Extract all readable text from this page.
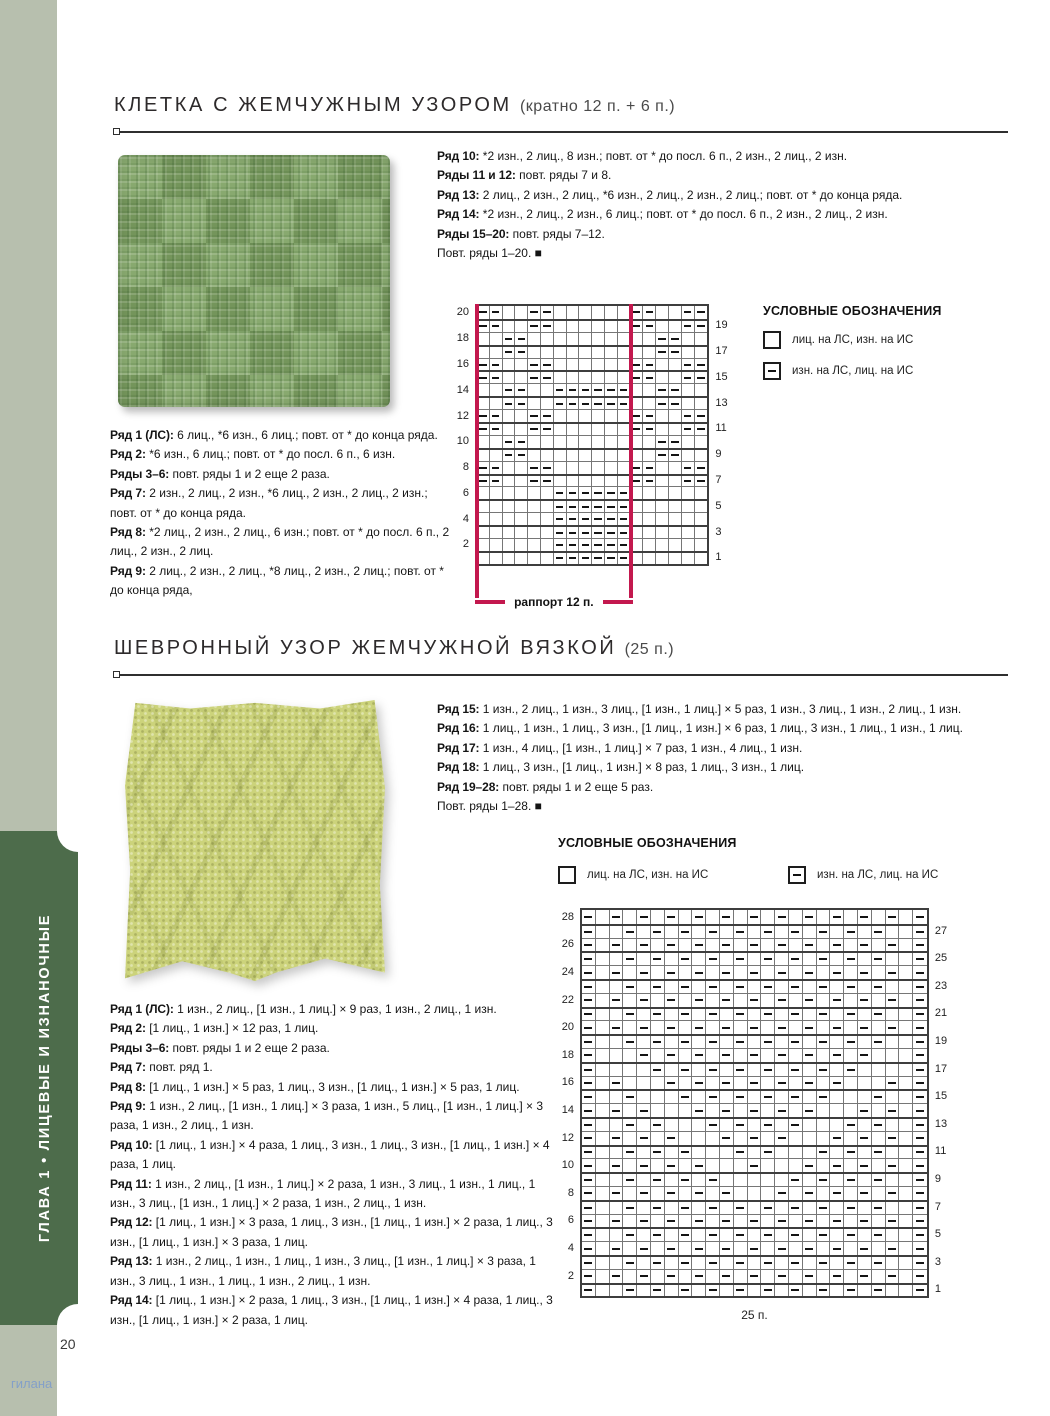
ГЛАВА 1 • ЛИЦЕВЫЕ И ИЗНАНОЧНЫЕ
КЛЕТКА С ЖЕМЧУЖНЫМ УЗОРОМ (кратно 12 п. + 6 п.)
Ряд 10: *2 изн., 2 лиц., 8 изн.; повт. от * до посл. 6 п., 2 изн., 2 лиц., 2 изн.
Ряды 11 и 12: повт. ряды 7 и 8.
Ряд 13: 2 лиц., 2 изн., 2 лиц., *6 изн., 2 лиц., 2 изн., 2 лиц.; повт. от * до конца ряда.
Ряд 14: *2 изн., 2 лиц., 2 изн., 6 лиц.; повт. от * до посл. 6 п., 2 изн., 2 лиц., 2 изн.
Ряды 15–20: повт. ряды 7–12.
Повт. ряды 1–20. ■
Ряд 1 (ЛС): 6 лиц., *6 изн., 6 лиц.; повт. от * до конца ряда.
Ряд 2: *6 изн., 6 лиц.; повт. от * до посл. 6 п., 6 изн.
Ряды 3–6: повт. ряды 1 и 2 еще 2 раза.
Ряд 7: 2 изн., 2 лиц., 2 изн., *6 лиц., 2 изн., 2 лиц., 2 изн.; повт. от * до конца ряда.
Ряд 8: *2 лиц., 2 изн., 2 лиц., 6 изн.; повт. от * до посл. 6 п., 2 лиц., 2 изн., 2 лиц.
Ряд 9: 2 лиц., 2 изн., 2 лиц., *8 лиц., 2 изн., 2 лиц.; повт. от * до конца ряда,
20
18
16
14
12
10
8
6
4
2
раппорт 12 п.
19
17
15
13
11
9
7
5
3
1
УСЛОВНЫЕ ОБОЗНАЧЕНИЯ
лиц. на ЛС, изн. на ИС
изн. на ЛС, лиц. на ИС
ШЕВРОННЫЙ УЗОР ЖЕМЧУЖНОЙ ВЯЗКОЙ (25 п.)
Ряд 15: 1 изн., 2 лиц., 1 изн., 3 лиц., [1 изн., 1 лиц.] × 5 раз, 1 изн., 3 лиц., 1 изн., 2 лиц., 1 изн.
Ряд 16: 1 лиц., 1 изн., 1 лиц., 3 изн., [1 лиц., 1 изн.] × 6 раз, 1 лиц., 3 изн., 1 лиц., 1 изн., 1 лиц.
Ряд 17: 1 изн., 4 лиц., [1 изн., 1 лиц.] × 7 раз, 1 изн., 4 лиц., 1 изн.
Ряд 18: 1 лиц., 3 изн., [1 лиц., 1 изн.] × 8 раз, 1 лиц., 3 изн., 1 лиц.
Ряд 19–28: повт. ряды 1 и 2 еще 5 раз.
Повт. ряды 1–28. ■
УСЛОВНЫЕ ОБОЗНАЧЕНИЯ
лиц. на ЛС, изн. на ИС	изн. на ЛС, лиц. на ИС
28
26
24
22
20
18
16
14
12
10
8
6
4
2
25 п.
27
25
23
21
19
17
15
13
11
9
7
5
3
1
Ряд 1 (ЛС): 1 изн., 2 лиц., [1 изн., 1 лиц.] × 9 раз, 1 изн., 2 лиц., 1 изн.
Ряд 2: [1 лиц., 1 изн.] × 12 раз, 1 лиц.
Ряды 3–6: повт. ряды 1 и 2 еще 2 раза.
Ряд 7: повт. ряд 1.
Ряд 8: [1 лиц., 1 изн.] × 5 раз, 1 лиц., 3 изн., [1 лиц., 1 изн.] × 5 раз, 1 лиц.
Ряд 9: 1 изн., 2 лиц., [1 изн., 1 лиц.] × 3 раза, 1 изн., 5 лиц., [1 изн., 1 лиц.] × 3 раза, 1 изн., 2 лиц., 1 изн.
Ряд 10: [1 лиц., 1 изн.] × 4 раза, 1 лиц., 3 изн., 1 лиц., 3 изн., [1 лиц., 1 изн.] × 4 раза, 1 лиц.
Ряд 11: 1 изн., 2 лиц., [1 изн., 1 лиц.] × 2 раза, 1 изн., 3 лиц., 1 изн., 1 лиц., 1 изн., 3 лиц., [1 изн., 1 лиц.] × 2 раза, 1 изн., 2 лиц., 1 изн.
Ряд 12: [1 лиц., 1 изн.] × 3 раза, 1 лиц., 3 изн., [1 лиц., 1 изн.] × 2 раза, 1 лиц., 3 изн., [1 лиц., 1 изн.] × 3 раза, 1 лиц.
Ряд 13: 1 изн., 2 лиц., 1 изн., 1 лиц., 1 изн., 3 лиц., [1 изн., 1 лиц.] × 3 раза, 1 изн., 3 лиц., 1 изн., 1 лиц., 1 изн., 2 лиц., 1 изн.
Ряд 14: [1 лиц., 1 изн.] × 2 раза, 1 лиц., 3 изн., [1 лиц., 1 изн.] × 4 раза, 1 лиц., 3 изн., [1 лиц., 1 изн.] × 2 раза, 1 лиц.
20
гилана
